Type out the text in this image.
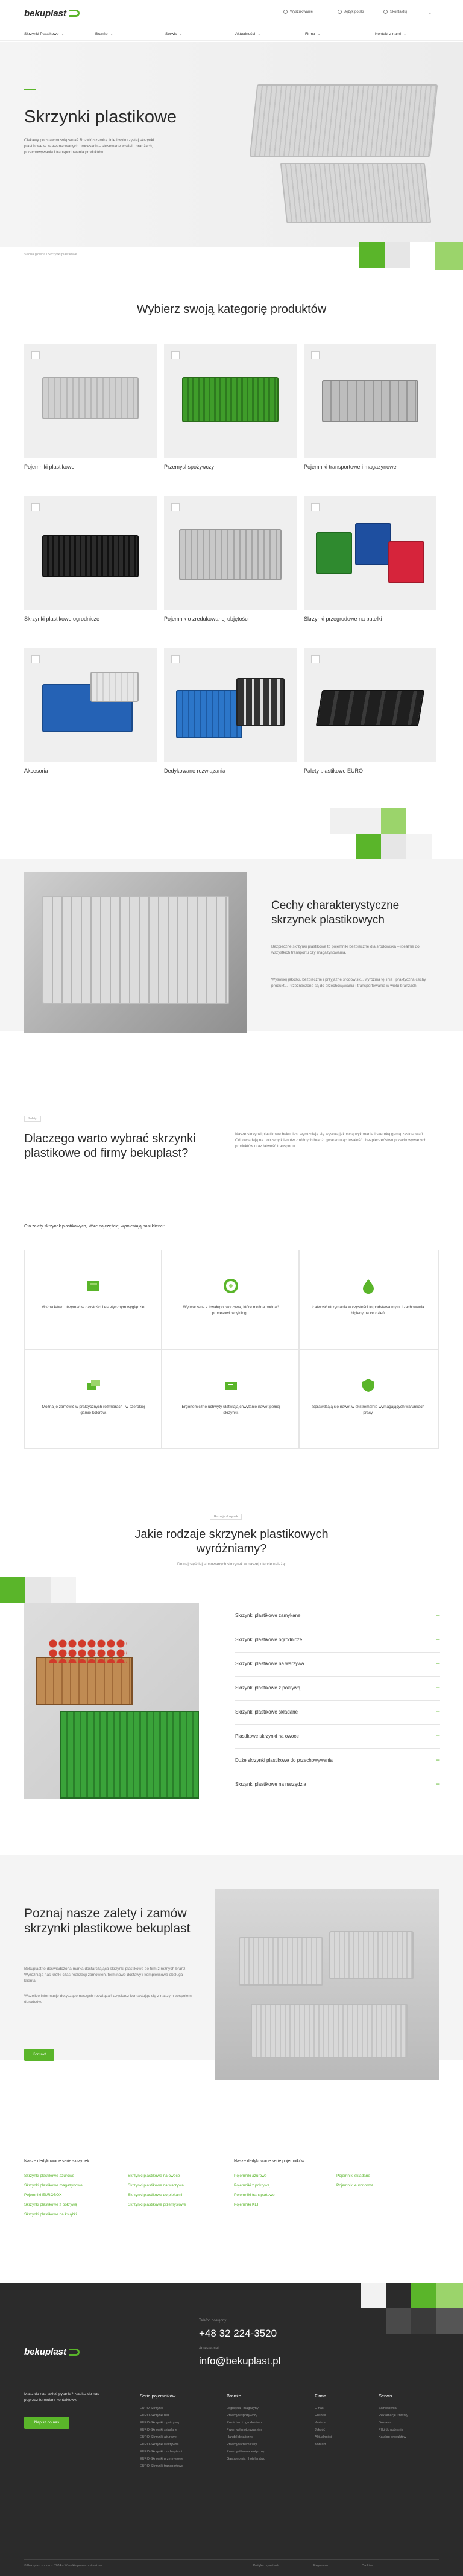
bekuplast	Wyszukiwanie	Język polski	Skontaktuj	⌄
Skrzynki Plastikowe ⌄	Branże ⌄	Serwis ⌄	Aktualności ⌄	Firma ⌄	Kontakt z nami ⌄
Skrzynki plastikowe

Ciekawy podstaw rozwiązania? Rozwiń szeroką linie i wykorzystaj skrzynki plastikowe w zaawansowanych procesach – stosowane w wielu branżach, przechowywania i transportowania produktów.

Strona główna / Skrzynki plastikowe
Wybierz swoją kategorię produktów
Pojemniki plastikowe	Przemysł spożywczy	Pojemniki transportowe i magazynowe
Skrzynki plastikowe ogrodnicze	Pojemnik o zredukowanej objętości	Skrzynki przegrodowe na butelki
Akcesoria	Dedykowane rozwiązania	Palety plastikowe EURO
Cechy charakterystyczne skrzynek plastikowych

Bezpieczne skrzynki plastikowe to pojemniki bezpieczne dla środowiska – idealnie do wszystkich transportu czy magazynowania.

Wysokiej jakości, bezpieczne i przyjazne środowisku, wyróżnia tę linia i praktyczna cechy produktu. Przeznaczone są do przechowywania i transportowania w wielu branżach.

Zalety
Dlaczego warto wybrać skrzynki plastikowe od firmy bekuplast?

Nasze skrzynki plastikowe bekuplast wyróżniają się wysoką jakością wykonania i szeroką gamą zastosowań. Odpowiadają na potrzeby klientów z różnych branż, gwarantując trwałość i bezpieczeństwo przechowywanych produktów oraz łatwość transportu.

Oto zalety skrzynek plastikowych, które najczęściej wymieniają nasi klienci:

Można łatwo utrzymać w czystości i estetycznym wyglądzie.	Wytwarzane z trwałego tworzywa, które można poddać procesowi recyklingu.
Łatwość utrzymania w czystości to podstawa myjni i zachowania higieny na co dzień.
Można je zamówić w praktycznych rozmiarach i w szerokiej gamie kolorów.
Ergonomiczne uchwyty ułatwiają chwytanie nawet pełnej skrzynki.
Sprawdzają się nawet w ekstremalnie wymagających warunkach pracy.
Rodzaje skrzynek
Jakie rodzaje skrzynek plastikowych wyróżniamy?

Do najczęściej stosowanych skrzynek w naszej ofercie należą:

Skrzynki plastikowe zamykane	+
Skrzynki plastikowe ogrodnicze	+
Skrzynki plastikowe na warzywa	+
Skrzynki plastikowe z pokrywą	+
Skrzynki plastikowe składane	+
Plastikowe skrzynki na owoce	+
Duże skrzynki plastikowe do przechowywania	+
Skrzynki plastikowe na narzędzia	+
Poznaj nasze zalety i zamów skrzynki plastikowe bekuplast

Bekuplast to doświadczona marka dostarczająca skrzynki plastikowe do firm z różnych branż. Wyróżniają nas krótki czas realizacji zamówień, terminowe dostawy i kompleksowa obsługa klienta.

Wszelkie informacje dotyczące naszych rozwiązań uzyskasz kontaktując się z naszym zespołem doradców.

Kontakt

Nasze dedykowane serie skrzynek:	Nasze dedykowane serie pojemników:

Skrzynki plastikowe ażurowe
Skrzynki plastikowe magazynowe
Pojemniki EUROBOX
Skrzynki plastikowe z pokrywą
Skrzynki plastikowe na książki
Skrzynki plastikowe na owoce
Skrzynki plastikowe na warzywa
Skrzynki plastikowe do piekarni
Skrzynki plastikowe przemysłowe
Pojemniki ażurowe
Pojemniki z pokrywą
Pojemniki transportowe
Pojemniki KLT
Pojemniki składane
Pojemniki euronorma
bekuplast
Telefon dostępny
+48 32 224-3520
Adres e-mail
info@bekuplast.pl
Masz do nas jakieś pytania? Napisz do nas poprzez formularz kontaktowy.
Napisz do nas
Serie pojemników
EURO-Skrzynki
EURO-Skrzynki bez
EURO-Skrzynki z pokrywą
EURO-Skrzynki składane
EURO-Skrzynki ażurowe
EURO-Skrzynki warzywne
EURO-Skrzynki z uchwytami
EURO-Skrzynki przemysłowe
EURO-Skrzynki transportowe
Branże
Logistyka i magazyny
Przemysł spożywczy
Rolnictwo i ogrodnictwo
Przemysł motoryzacyjny
Handel detaliczny
Przemysł chemiczny
Przemysł farmaceutyczny
Gastronomia i hotelarstwo
Firma
O nas
Historia
Kariera
Jakość
Aktualności
Kontakt
Serwis
Zamówienia
Reklamacje i zwroty
Dostawa
Pliki do pobrania
Katalog produktów
© Bekuplast sp. z o.o. 2024 – Wszelkie prawa zastrzeżone	Polityka prywatności	Regulamin	Cookies
